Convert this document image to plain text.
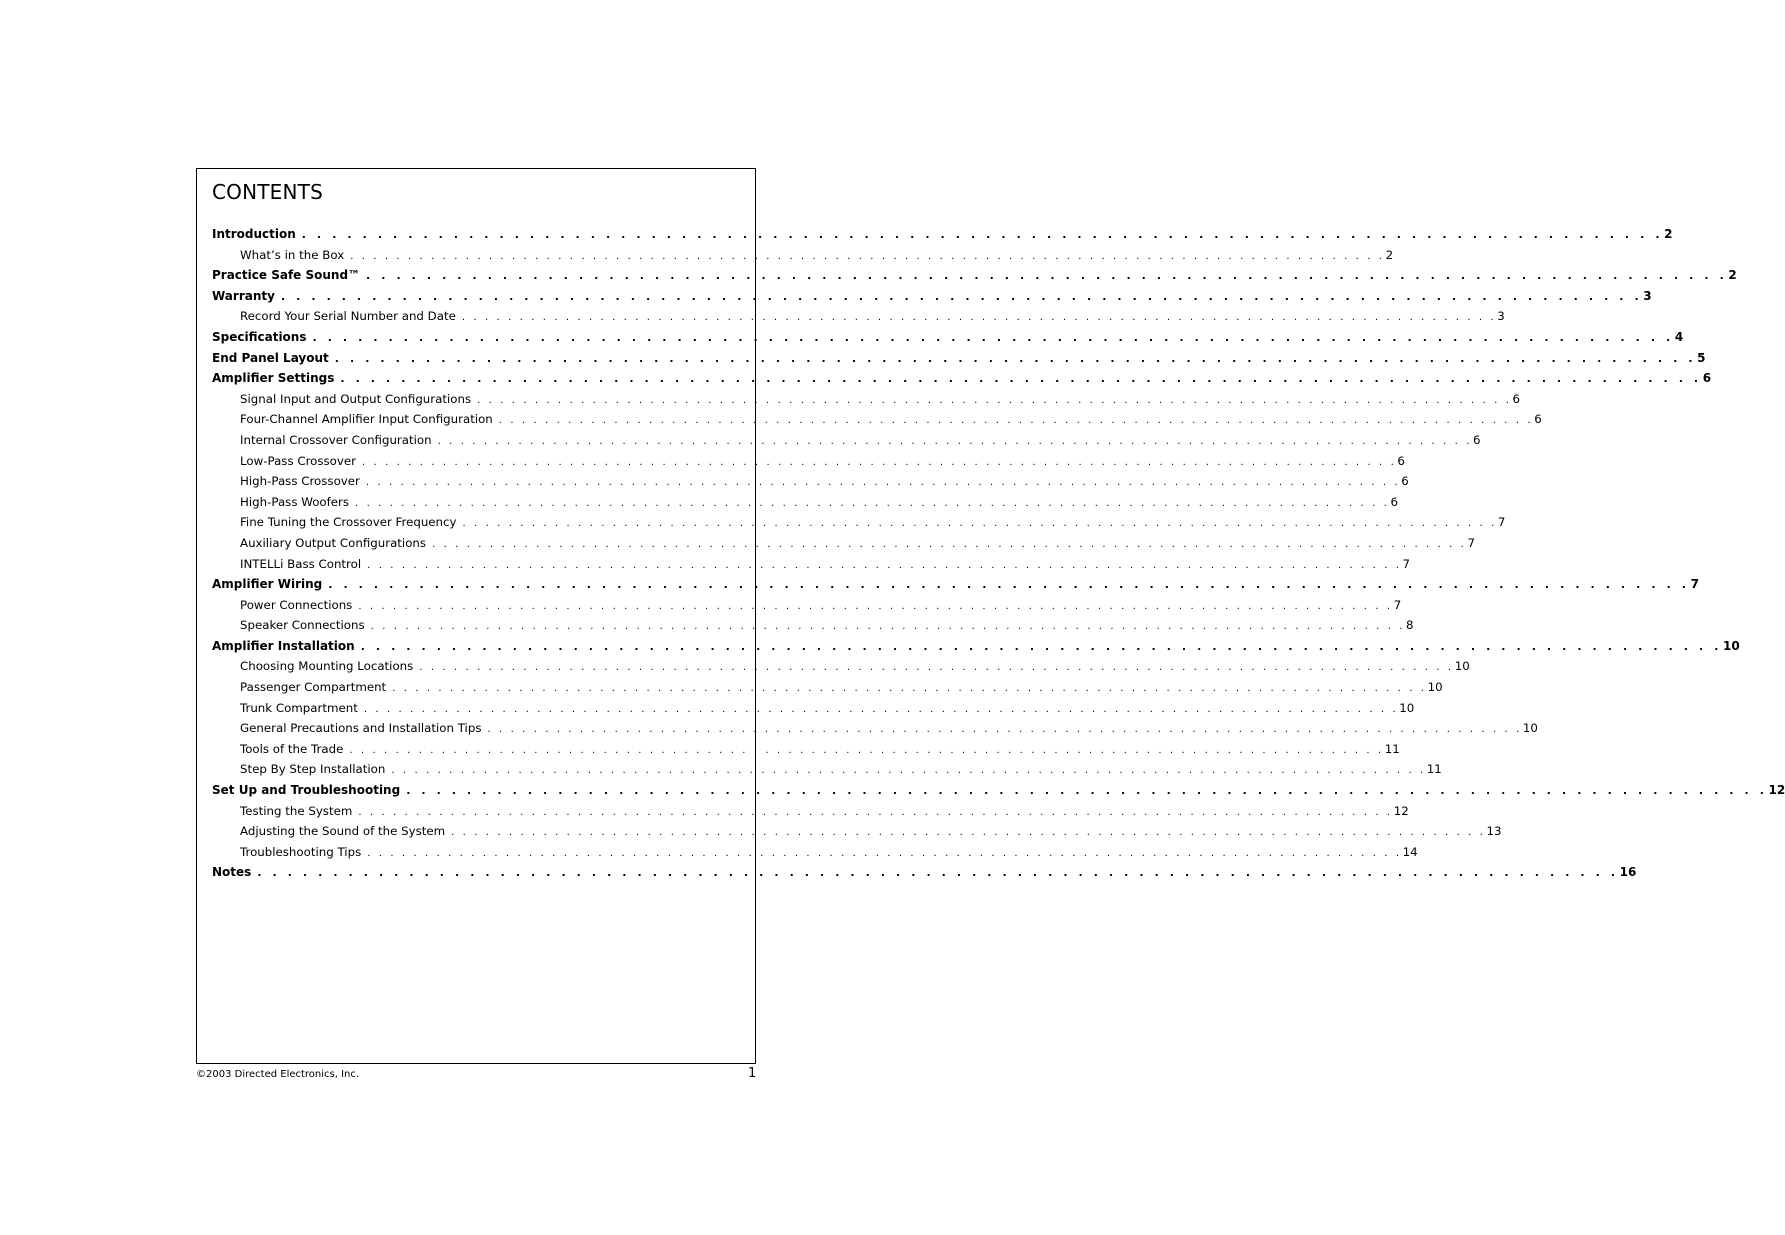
CONTENTS
Introduction . . . . . . . . . . . . . . . . . . . . . . . . . . . . . . . . . . . . . . . . . . . . . . . . . . . . . . . . . . . . . . . . . . . . . . . . . . . . . . . . . . . . . . . . . . 2
What’s in the Box . . . . . . . . . . . . . . . . . . . . . . . . . . . . . . . . . . . . . . . . . . . . . . . . . . . . . . . . . . . . . . . . . . . . . . . . . . . . . . . . . . . . . . . . . . 2
Practice Safe Sound™ . . . . . . . . . . . . . . . . . . . . . . . . . . . . . . . . . . . . . . . . . . . . . . . . . . . . . . . . . . . . . . . . . . . . . . . . . . . . . . . . . . . . . . . . . . 2
Warranty . . . . . . . . . . . . . . . . . . . . . . . . . . . . . . . . . . . . . . . . . . . . . . . . . . . . . . . . . . . . . . . . . . . . . . . . . . . . . . . . . . . . . . . . . . 3
Record Your Serial Number and Date . . . . . . . . . . . . . . . . . . . . . . . . . . . . . . . . . . . . . . . . . . . . . . . . . . . . . . . . . . . . . . . . . . . . . . . . . . . . . . . . . . . . . . . . . . 3
Specifications . . . . . . . . . . . . . . . . . . . . . . . . . . . . . . . . . . . . . . . . . . . . . . . . . . . . . . . . . . . . . . . . . . . . . . . . . . . . . . . . . . . . . . . . . . 4
End Panel Layout . . . . . . . . . . . . . . . . . . . . . . . . . . . . . . . . . . . . . . . . . . . . . . . . . . . . . . . . . . . . . . . . . . . . . . . . . . . . . . . . . . . . . . . . . . 5
Amplifier Settings . . . . . . . . . . . . . . . . . . . . . . . . . . . . . . . . . . . . . . . . . . . . . . . . . . . . . . . . . . . . . . . . . . . . . . . . . . . . . . . . . . . . . . . . . . 6
Signal Input and Output Configurations . . . . . . . . . . . . . . . . . . . . . . . . . . . . . . . . . . . . . . . . . . . . . . . . . . . . . . . . . . . . . . . . . . . . . . . . . . . . . . . . . . . . . . . . . . 6
Four-Channel Amplifier Input Configuration . . . . . . . . . . . . . . . . . . . . . . . . . . . . . . . . . . . . . . . . . . . . . . . . . . . . . . . . . . . . . . . . . . . . . . . . . . . . . . . . . . . . . . . . . . 6
Internal Crossover Configuration . . . . . . . . . . . . . . . . . . . . . . . . . . . . . . . . . . . . . . . . . . . . . . . . . . . . . . . . . . . . . . . . . . . . . . . . . . . . . . . . . . . . . . . . . . 6
Low-Pass Crossover . . . . . . . . . . . . . . . . . . . . . . . . . . . . . . . . . . . . . . . . . . . . . . . . . . . . . . . . . . . . . . . . . . . . . . . . . . . . . . . . . . . . . . . . . . 6
High-Pass Crossover . . . . . . . . . . . . . . . . . . . . . . . . . . . . . . . . . . . . . . . . . . . . . . . . . . . . . . . . . . . . . . . . . . . . . . . . . . . . . . . . . . . . . . . . . . 6
High-Pass Woofers . . . . . . . . . . . . . . . . . . . . . . . . . . . . . . . . . . . . . . . . . . . . . . . . . . . . . . . . . . . . . . . . . . . . . . . . . . . . . . . . . . . . . . . . . . 6
Fine Tuning the Crossover Frequency . . . . . . . . . . . . . . . . . . . . . . . . . . . . . . . . . . . . . . . . . . . . . . . . . . . . . . . . . . . . . . . . . . . . . . . . . . . . . . . . . . . . . . . . . . 7
Auxiliary Output Configurations . . . . . . . . . . . . . . . . . . . . . . . . . . . . . . . . . . . . . . . . . . . . . . . . . . . . . . . . . . . . . . . . . . . . . . . . . . . . . . . . . . . . . . . . . . 7
INTELLi Bass Control . . . . . . . . . . . . . . . . . . . . . . . . . . . . . . . . . . . . . . . . . . . . . . . . . . . . . . . . . . . . . . . . . . . . . . . . . . . . . . . . . . . . . . . . . . 7
Amplifier Wiring . . . . . . . . . . . . . . . . . . . . . . . . . . . . . . . . . . . . . . . . . . . . . . . . . . . . . . . . . . . . . . . . . . . . . . . . . . . . . . . . . . . . . . . . . . 7
Power Connections . . . . . . . . . . . . . . . . . . . . . . . . . . . . . . . . . . . . . . . . . . . . . . . . . . . . . . . . . . . . . . . . . . . . . . . . . . . . . . . . . . . . . . . . . . 7
Speaker Connections . . . . . . . . . . . . . . . . . . . . . . . . . . . . . . . . . . . . . . . . . . . . . . . . . . . . . . . . . . . . . . . . . . . . . . . . . . . . . . . . . . . . . . . . . . 8
Amplifier Installation . . . . . . . . . . . . . . . . . . . . . . . . . . . . . . . . . . . . . . . . . . . . . . . . . . . . . . . . . . . . . . . . . . . . . . . . . . . . . . . . . . . . . . . . . . 10
Choosing Mounting Locations . . . . . . . . . . . . . . . . . . . . . . . . . . . . . . . . . . . . . . . . . . . . . . . . . . . . . . . . . . . . . . . . . . . . . . . . . . . . . . . . . . . . . . . . . . 10
Passenger Compartment . . . . . . . . . . . . . . . . . . . . . . . . . . . . . . . . . . . . . . . . . . . . . . . . . . . . . . . . . . . . . . . . . . . . . . . . . . . . . . . . . . . . . . . . . . 10
Trunk Compartment . . . . . . . . . . . . . . . . . . . . . . . . . . . . . . . . . . . . . . . . . . . . . . . . . . . . . . . . . . . . . . . . . . . . . . . . . . . . . . . . . . . . . . . . . . 10
General Precautions and Installation Tips . . . . . . . . . . . . . . . . . . . . . . . . . . . . . . . . . . . . . . . . . . . . . . . . . . . . . . . . . . . . . . . . . . . . . . . . . . . . . . . . . . . . . . . . . . 10
Tools of the Trade . . . . . . . . . . . . . . . . . . . . . . . . . . . . . . . . . . . . . . . . . . . . . . . . . . . . . . . . . . . . . . . . . . . . . . . . . . . . . . . . . . . . . . . . . . 11
Step By Step Installation . . . . . . . . . . . . . . . . . . . . . . . . . . . . . . . . . . . . . . . . . . . . . . . . . . . . . . . . . . . . . . . . . . . . . . . . . . . . . . . . . . . . . . . . . . 11
Set Up and Troubleshooting . . . . . . . . . . . . . . . . . . . . . . . . . . . . . . . . . . . . . . . . . . . . . . . . . . . . . . . . . . . . . . . . . . . . . . . . . . . . . . . . . . . . . . . . . . 12
Testing the System . . . . . . . . . . . . . . . . . . . . . . . . . . . . . . . . . . . . . . . . . . . . . . . . . . . . . . . . . . . . . . . . . . . . . . . . . . . . . . . . . . . . . . . . . . 12
Adjusting the Sound of the System . . . . . . . . . . . . . . . . . . . . . . . . . . . . . . . . . . . . . . . . . . . . . . . . . . . . . . . . . . . . . . . . . . . . . . . . . . . . . . . . . . . . . . . . . . 13
Troubleshooting Tips . . . . . . . . . . . . . . . . . . . . . . . . . . . . . . . . . . . . . . . . . . . . . . . . . . . . . . . . . . . . . . . . . . . . . . . . . . . . . . . . . . . . . . . . . . 14
Notes . . . . . . . . . . . . . . . . . . . . . . . . . . . . . . . . . . . . . . . . . . . . . . . . . . . . . . . . . . . . . . . . . . . . . . . . . . . . . . . . . . . . . . . . . . 16
©2003 Directed Electronics, Inc.	1
